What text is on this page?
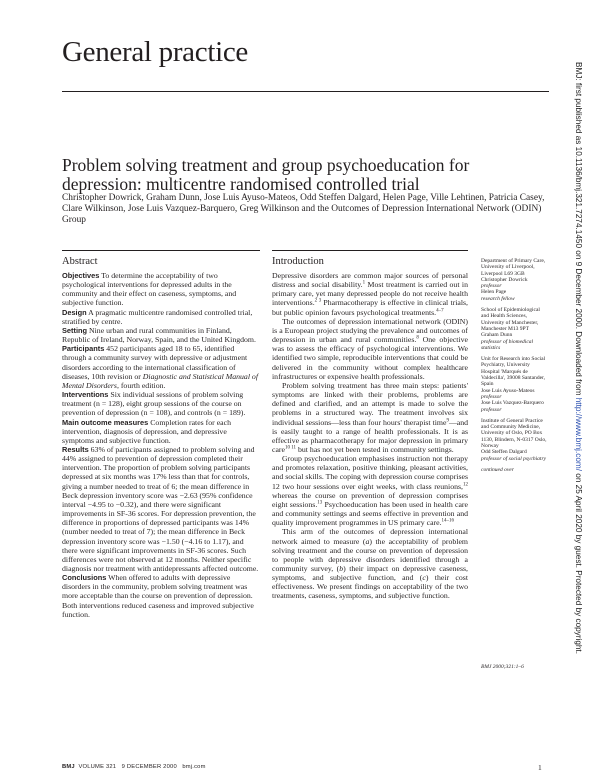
General practice
Problem solving treatment and group psychoeducation for depression: multicentre randomised controlled trial
Christopher Dowrick, Graham Dunn, Jose Luis Ayuso-Mateos, Odd Steffen Dalgard, Helen Page, Ville Lehtinen, Patricia Casey, Clare Wilkinson, Jose Luis Vazquez-Barquero, Greg Wilkinson and the Outcomes of Depression International Network (ODIN) Group
Abstract	Introduction

Objectives To determine the acceptability of two psychological interventions for depressed adults in the community and their effect on caseness, symptoms, and subjective function.

Design A pragmatic multicentre randomised controlled trial, stratified by centre.

Setting Nine urban and rural communities in Finland, Republic of Ireland, Norway, Spain, and the United Kingdom.

Participants 452 participants aged 18 to 65, identified through a community survey with depressive or adjustment disorders according to the international classification of diseases, 10th revision or Diagnostic and Statistical Manual of Mental Disorders, fourth edition.

Interventions Six individual sessions of problem solving treatment (n = 128), eight group sessions of the course on prevention of depression (n = 108), and controls (n = 189).

Main outcome measures Completion rates for each intervention, diagnosis of depression, and depressive symptoms and subjective function.

Results 63% of participants assigned to problem solving and 44% assigned to prevention of depression completed their intervention. The proportion of problem solving participants depressed at six months was 17% less than that for controls, giving a number needed to treat of 6; the mean difference in Beck depression inventory score was −2.63 (95% confidence interval −4.95 to −0.32), and there were significant improvements in SF-36 scores. For depression prevention, the difference in proportions of depressed participants was 14% (number needed to treat of 7); the mean difference in Beck depression inventory score was −1.50 (−4.16 to 1.17), and there were significant improvements in SF-36 scores. Such differences were not observed at 12 months. Neither specific diagnosis nor treatment with antidepressants affected outcome.

Conclusions When offered to adults with depressive disorders in the community, problem solving treatment was more acceptable than the course on prevention of depression. Both interventions reduced caseness and improved subjective function.

Depressive disorders are common major sources of personal distress and social disability.$^1$ Most treatment is carried out in primary care, yet many depressed people do not receive health interventions.$^{2 3}$ Pharmacotherapy is effective in clinical trials, but public opinion favours psychological treatments.$^{4-7}$

The outcomes of depression international network (ODIN) is a European project studying the prevalence and outcomes of depression in urban and rural communities.$^8$ One objective was to assess the efficacy of psychological interventions. We identified two simple, reproducible interventions that could be delivered in the community without complex healthcare infrastructures or expensive health professionals.

Problem solving treatment has three main steps: patients' symptoms are linked with their problems, problems are defined and clarified, and an attempt is made to solve the problems in a structured way. The treatment involves six individual sessions—less than four hours' therapist time$^9$—and is easily taught to a range of health professionals. It is as effective as pharmacotherapy for major depression in primary care$^{10 11}$ but has not yet been tested in community settings.

Group psychoeducation emphasises instruction not therapy and promotes relaxation, positive thinking, pleasant activities, and social skills. The coping with depression course comprises 12 two hour sessions over eight weeks, with class reunions,$^{12}$ whereas the course on prevention of depression comprises eight sessions.$^{13}$ Psychoeducation has been used in health care and community settings and seems effective in prevention and quality improvement programmes in US primary care.$^{14-16}$

This arm of the outcomes of depression international network aimed to measure (a) the acceptability of problem solving treatment and the course on prevention of depression to people with depressive disorders identified through a community survey, (b) their impact on depressive caseness, symptoms, and subjective function, and (c) their cost effectiveness. We present findings on acceptability of the two treatments, caseness, symptoms, and subjective function.

Department of Primary Care, University of Liverpool, Liverpool L69 3GB
Christopher Dowrick
professor
Helen Page
research fellow
School of Epidemiological and Health Sciences, University of Manchester, Manchester M13 9PT
Graham Dunn
professor of biomedical statistics
Unit for Research into Social Psychiatry, University Hospital 'Marqués de Valdecilla', 39008 Santander, Spain
Jose Luis Ayuso-Mateos
professor
Jose Luis Vazquez-Barquero
professor
Institute of General Practice and Community Medicine, University of Oslo, PO Box 1130, Blindern, N-0317 Oslo, Norway
Odd Steffen Dalgard
professor of social psychiatry
continued over
BMJ 2000;321:1–6
BMJ VOLUME 321 9 DECEMBER 2000 bmj.com	1
BMJ: first published as 10.1136/bmj.321.7274.1450 on 9 December 2000. Downloaded from http://www.bmj.com/ on 25 April 2020 by guest. Protected by copyright.
